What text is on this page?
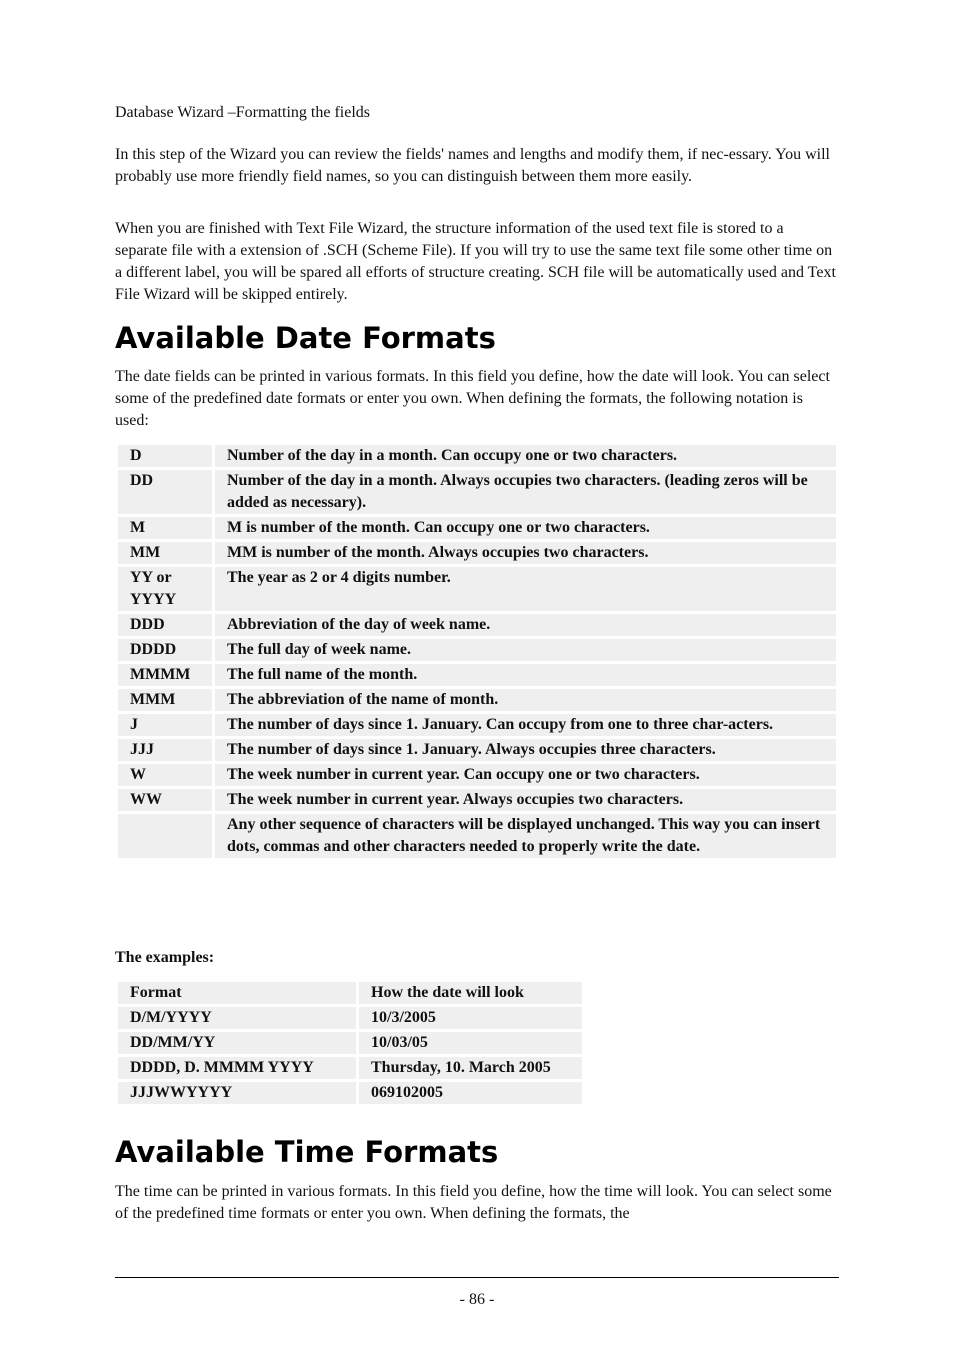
Database Wizard –Formatting the fields

In this step of the Wizard you can review the fields' names and lengths and modify them, if nec-essary. You will probably use more friendly field names, so you can distinguish between them more easily.

When you are finished with Text File Wizard, the structure information of the used text file is stored to a separate file with a extension of .SCH (Scheme File). If you will try to use the same text file some other time on a different label, you will be spared all efforts of structure creating. SCH file will be automatically used and Text File Wizard will be skipped entirely.

Available Date Formats

The date fields can be printed in various formats. In this field you define, how the date will look. You can select some of the predefined date formats or enter you own. When defining the formats, the following notation is used:

D	Number of the day in a month. Can occupy one or two characters.
DD	Number of the day in a month. Always occupies two characters. (leading zeros will be added as necessary).
M	M is number of the month. Can occupy one or two characters.
MM	MM is number of the month. Always occupies two characters.
YY or YYYY	The year as 2 or 4 digits number.
DDD	Abbreviation of the day of week name.
DDDD	The full day of week name.
MMMM	The full name of the month.
MMM	The abbreviation of the name of month.
J	The number of days since 1. January. Can occupy from one to three char-acters.
JJJ	The number of days since 1. January. Always occupies three characters.
W	The week number in current year. Can occupy one or two characters.
WW	The week number in current year. Always occupies two characters.
	Any other sequence of characters will be displayed unchanged. This way you can insert dots, commas and other characters needed to properly write the date.

The examples:

Format	How the date will look
D/M/YYYY	10/3/2005
DD/MM/YY	10/03/05
DDDD, D. MMMM YYYY	Thursday, 10. March 2005
JJJWWYYYY	069102005
Available Time Formats

The time can be printed in various formats. In this field you define, how the time will look. You can select some of the predefined time formats or enter you own. When defining the formats, the

- 86 -
